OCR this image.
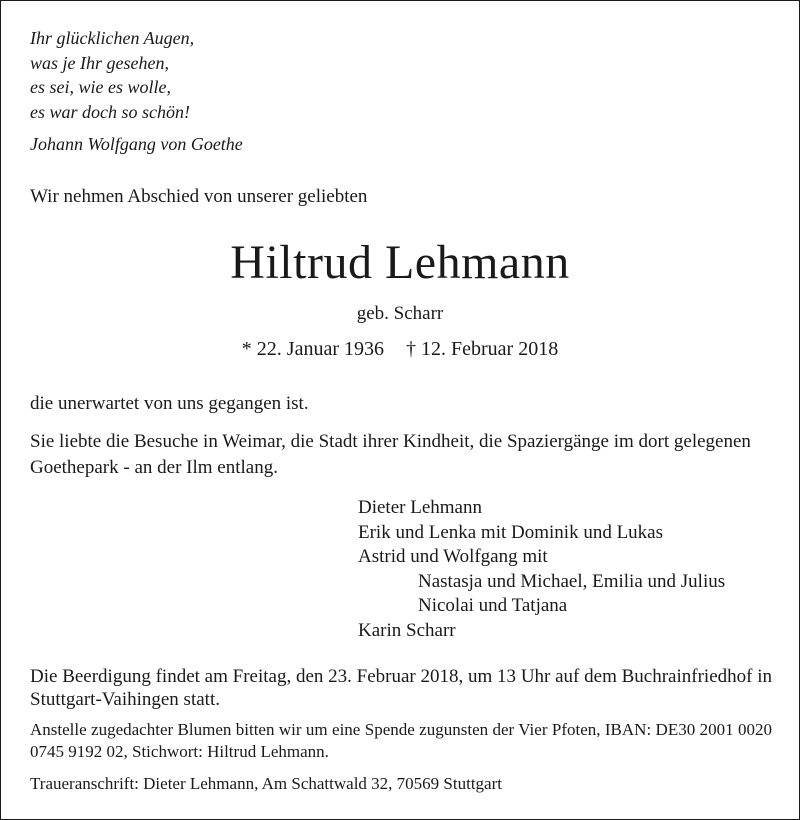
Ihr glücklichen Augen,
was je Ihr gesehen,
es sei, wie es wolle,
es war doch so schön!
Johann Wolfgang von Goethe
Wir nehmen Abschied von unserer geliebten
Hiltrud Lehmann
geb. Scharr
* 22. Januar 1936 † 12. Februar 2018
die unerwartet von uns gegangen ist.
Sie liebte die Besuche in Weimar, die Stadt ihrer Kindheit, die Spaziergänge im dort gelegenen Goethepark - an der Ilm entlang.
Dieter Lehmann
Erik und Lenka mit Dominik und Lukas
Astrid und Wolfgang mit
Nastasja und Michael, Emilia und Julius
Nicolai und Tatjana
Karin Scharr
Die Beerdigung findet am Freitag, den 23. Februar 2018, um 13 Uhr auf dem Buchrainfriedhof in Stuttgart-Vaihingen statt.
Anstelle zugedachter Blumen bitten wir um eine Spende zugunsten der Vier Pfoten, IBAN: DE30 2001 0020 0745 9192 02, Stichwort: Hiltrud Lehmann.
Traueranschrift: Dieter Lehmann, Am Schattwald 32, 70569 Stuttgart
